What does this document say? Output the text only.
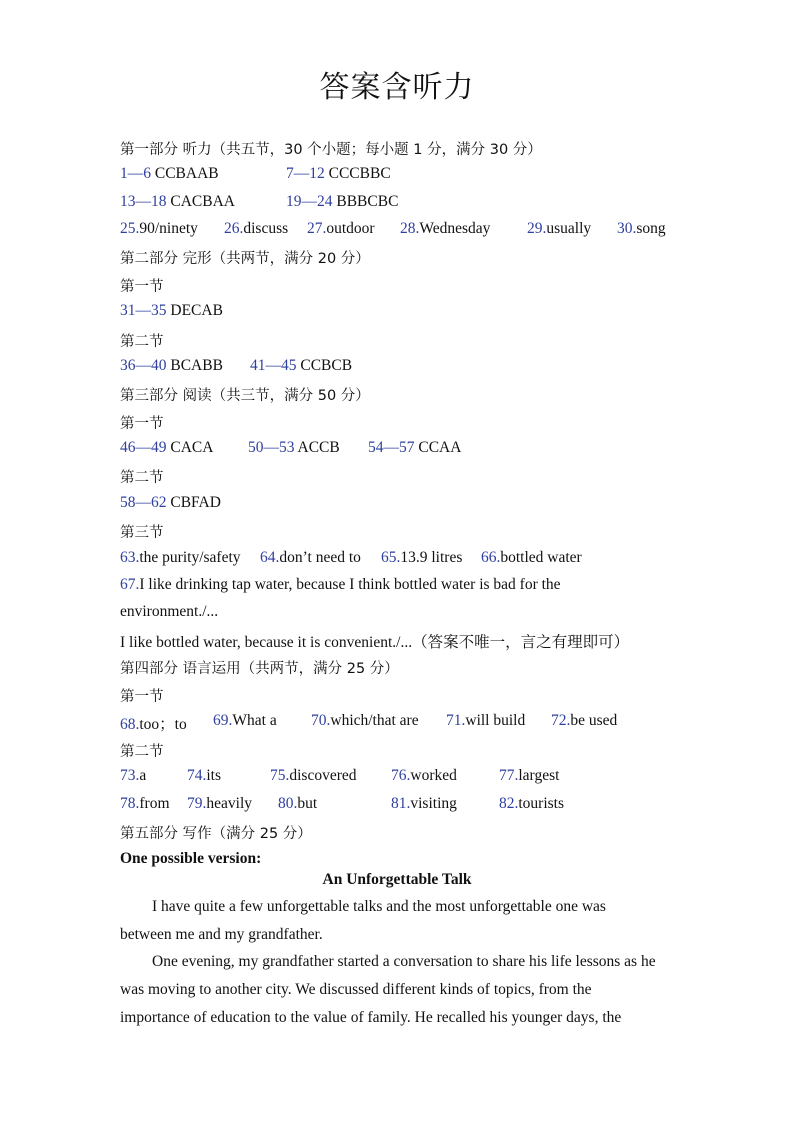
答案含听力
第一部分 听力（共五节，30 个小题；每小题 1 分，满分 30 分）
1—6 CCBAAB	7—12 CCCBBC
13—18 CACBAA	19—24 BBBCBC
25.90/ninety 26.discuss 27.outdoor 28.Wednesday 29.usually 30.song
第二部分 完形（共两节，满分 20 分）
第一节
31—35 DECAB
第二节
36—40 BCABB 41—45 CCBCB
第三部分 阅读（共三节，满分 50 分）
第一节
46—49 CACA 50—53 ACCB 54—57 CCAA
第二节
58—62 CBFAD
第三节
63.the purity/safety 64.don’t need to 65.13.9 litres 66.bottled water
67.I like drinking tap water, because I think bottled water is bad for the
environment./...
I like bottled water, because it is convenient./...（答案不唯一，言之有理即可）
第四部分 语言运用（共两节，满分 25 分）
第一节
68.too；to 69.What a 70.which/that are 71.will build 72.be used
第二节
73.a	74.its	75.discovered 76.worked	77.largest
78.from 79.heavily 80.but	81.visiting	82.tourists
第五部分 写作（满分 25 分）
One possible version:
An Unforgettable Talk
I have quite a few unforgettable talks and the most unforgettable one was
between me and my grandfather.
One evening, my grandfather started a conversation to share his life lessons as he
was moving to another city. We discussed different kinds of topics, from the
importance of education to the value of family. He recalled his younger days, the
